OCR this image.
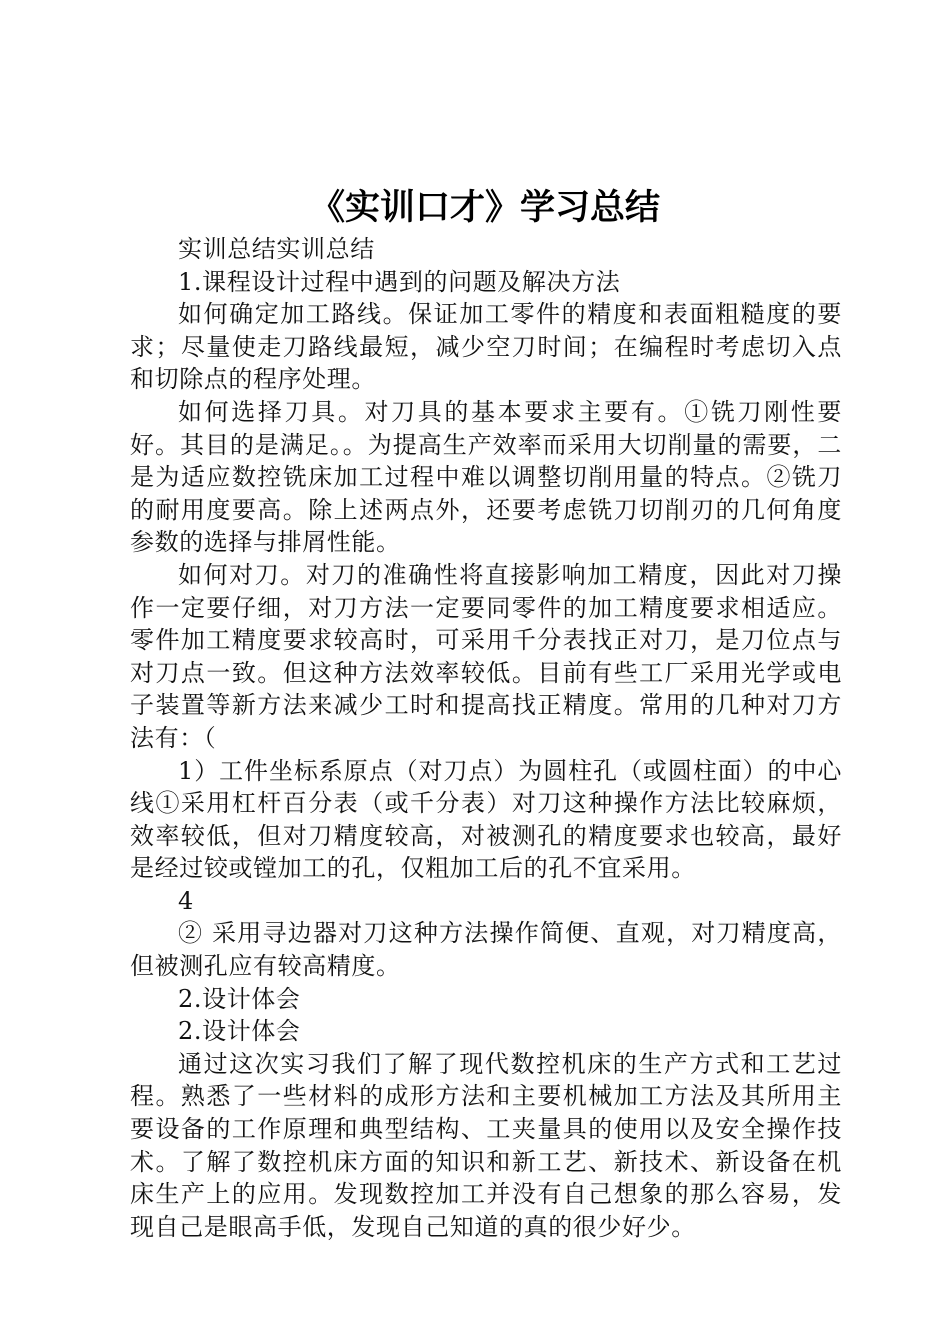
《实训口才》学习总结

实训总结实训总结

1.课程设计过程中遇到的问题及解决方法

如何确定加工路线。保证加工零件的精度和表面粗糙度的要求；尽量使走刀路线最短，减少空刀时间；在编程时考虑切入点和切除点的程序处理。

如何选择刀具。对刀具的基本要求主要有。①铣刀刚性要好。其目的是满足。。为提高生产效率而采用大切削量的需要，二是为适应数控铣床加工过程中难以调整切削用量的特点。②铣刀的耐用度要高。除上述两点外，还要考虑铣刀切削刃的几何角度参数的选择与排屑性能。

如何对刀。对刀的准确性将直接影响加工精度，因此对刀操作一定要仔细，对刀方法一定要同零件的加工精度要求相适应。零件加工精度要求较高时，可采用千分表找正对刀，是刀位点与对刀点一致。但这种方法效率较低。目前有些工厂采用光学或电子装置等新方法来减少工时和提高找正精度。常用的几种对刀方法有：（

1）工件坐标系原点（对刀点）为圆柱孔（或圆柱面）的中心线①采用杠杆百分表（或千分表）对刀这种操作方法比较麻烦，效率较低，但对刀精度较高，对被测孔的精度要求也较高，最好是经过铰或镗加工的孔，仅粗加工后的孔不宜采用。

4

② 采用寻边器对刀这种方法操作简便、直观，对刀精度高，但被测孔应有较高精度。

2.设计体会

2.设计体会

通过这次实习我们了解了现代数控机床的生产方式和工艺过程。熟悉了一些材料的成形方法和主要机械加工方法及其所用主要设备的工作原理和典型结构、工夹量具的使用以及安全操作技术。了解了数控机床方面的知识和新工艺、新技术、新设备在机床生产上的应用。发现数控加工并没有自己想象的那么容易，发现自己是眼高手低，发现自己知道的真的很少好少。
